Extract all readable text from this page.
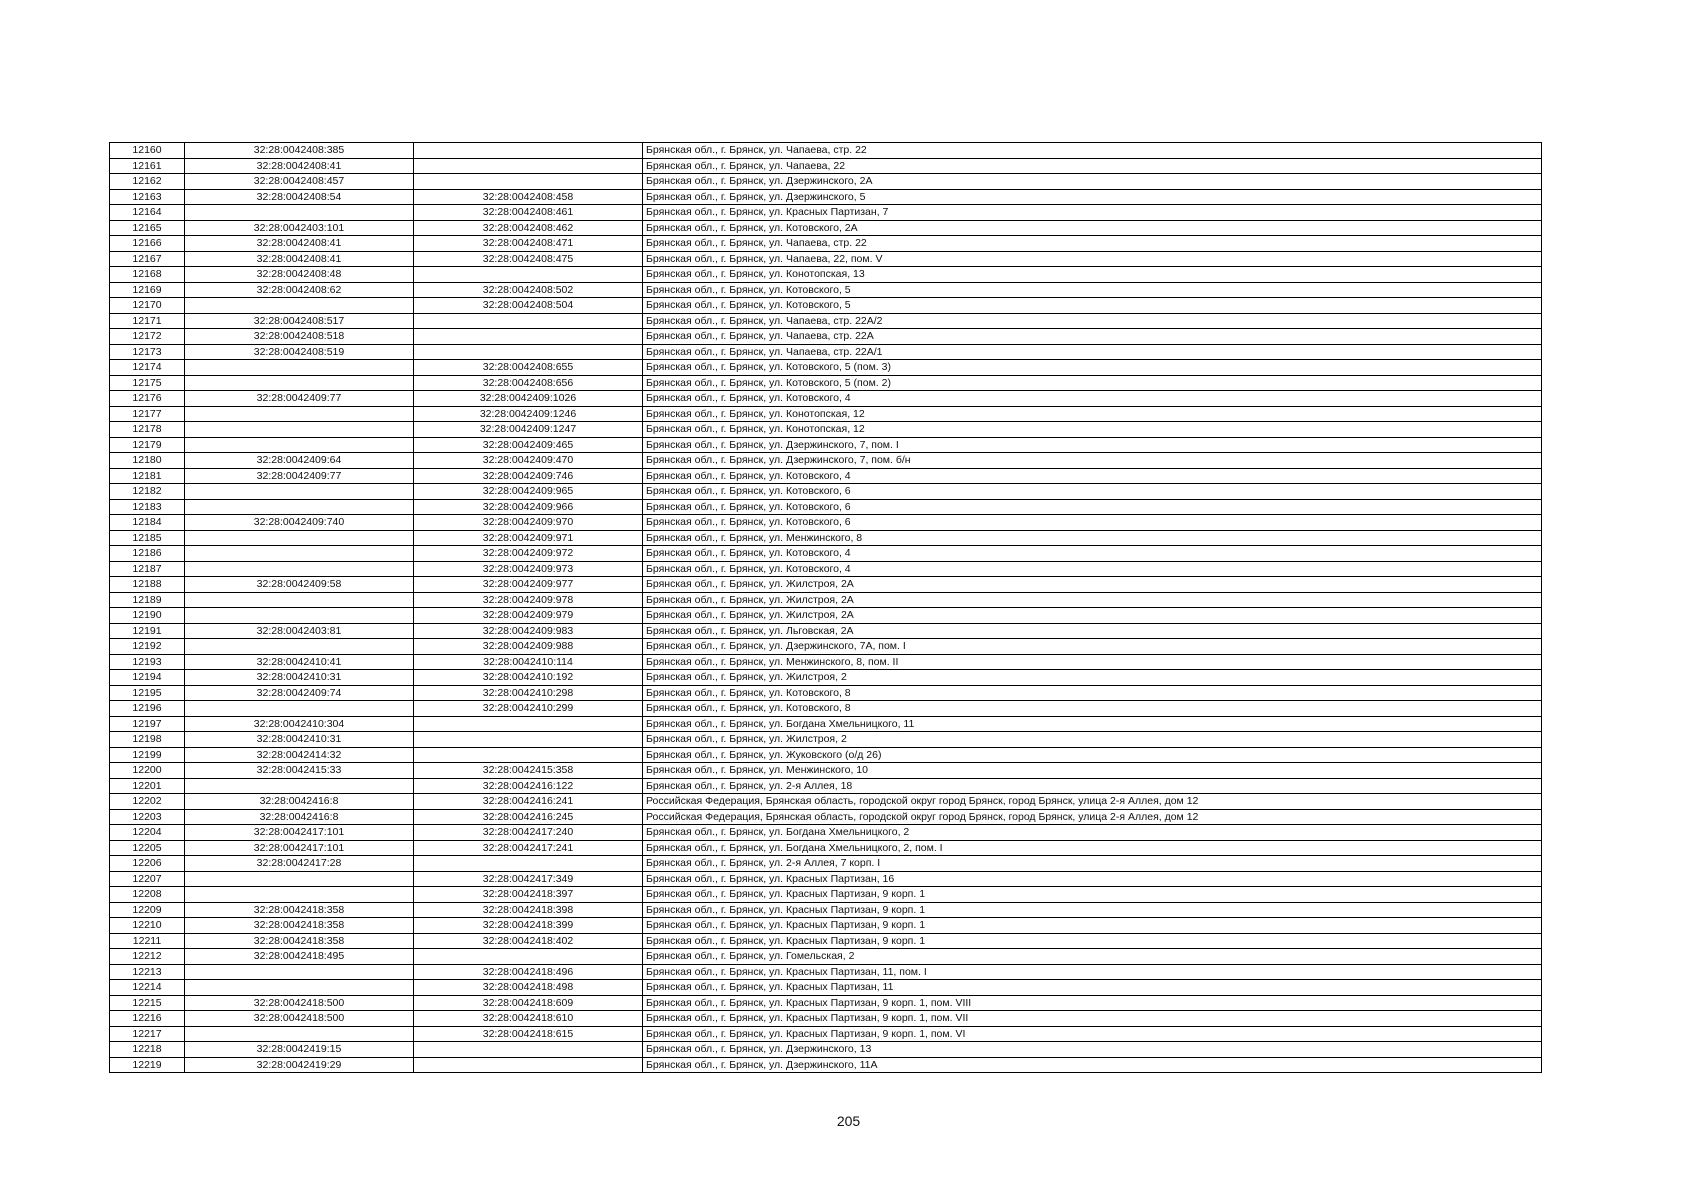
12160	32:28:0042408:385		Брянская обл., г. Брянск, ул. Чапаева, стр. 22
12161	32:28:0042408:41		Брянская обл., г. Брянск, ул. Чапаева, 22
12162	32:28:0042408:457		Брянская обл., г. Брянск, ул. Дзержинского, 2А
12163	32:28:0042408:54	32:28:0042408:458	Брянская обл., г. Брянск, ул. Дзержинского, 5
12164		32:28:0042408:461	Брянская обл., г. Брянск, ул. Красных Партизан, 7
12165	32:28:0042403:101	32:28:0042408:462	Брянская обл., г. Брянск, ул. Котовского, 2А
12166	32:28:0042408:41	32:28:0042408:471	Брянская обл., г. Брянск, ул. Чапаева, стр. 22
12167	32:28:0042408:41	32:28:0042408:475	Брянская обл., г. Брянск, ул. Чапаева, 22, пом. V
12168	32:28:0042408:48		Брянская обл., г. Брянск, ул. Конотопская, 13
12169	32:28:0042408:62	32:28:0042408:502	Брянская обл., г. Брянск, ул. Котовского, 5
12170		32:28:0042408:504	Брянская обл., г. Брянск, ул. Котовского, 5
12171	32:28:0042408:517		Брянская обл., г. Брянск, ул. Чапаева, стр. 22А/2
12172	32:28:0042408:518		Брянская обл., г. Брянск, ул. Чапаева, стр. 22А
12173	32:28:0042408:519		Брянская обл., г. Брянск, ул. Чапаева, стр. 22А/1
12174		32:28:0042408:655	Брянская обл., г. Брянск, ул. Котовского, 5 (пом. 3)
12175		32:28:0042408:656	Брянская обл., г. Брянск, ул. Котовского, 5 (пом. 2)
12176	32:28:0042409:77	32:28:0042409:1026	Брянская обл., г. Брянск, ул. Котовского, 4
12177		32:28:0042409:1246	Брянская обл., г. Брянск, ул. Конотопская, 12
12178		32:28:0042409:1247	Брянская обл., г. Брянск, ул. Конотопская, 12
12179		32:28:0042409:465	Брянская обл., г. Брянск, ул. Дзержинского, 7, пом. I
12180	32:28:0042409:64	32:28:0042409:470	Брянская обл., г. Брянск, ул. Дзержинского, 7, пом. б/н
12181	32:28:0042409:77	32:28:0042409:746	Брянская обл., г. Брянск, ул. Котовского, 4
12182		32:28:0042409:965	Брянская обл., г. Брянск, ул. Котовского, 6
12183		32:28:0042409:966	Брянская обл., г. Брянск, ул. Котовского, 6
12184	32:28:0042409:740	32:28:0042409:970	Брянская обл., г. Брянск, ул. Котовского, 6
12185		32:28:0042409:971	Брянская обл., г. Брянск, ул. Менжинского, 8
12186		32:28:0042409:972	Брянская обл., г. Брянск, ул. Котовского, 4
12187		32:28:0042409:973	Брянская обл., г. Брянск, ул. Котовского, 4
12188	32:28:0042409:58	32:28:0042409:977	Брянская обл., г. Брянск, ул. Жилстроя, 2А
12189		32:28:0042409:978	Брянская обл., г. Брянск, ул. Жилстроя, 2А
12190		32:28:0042409:979	Брянская обл., г. Брянск, ул. Жилстроя, 2А
12191	32:28:0042403:81	32:28:0042409:983	Брянская обл., г. Брянск, ул. Льговская, 2А
12192		32:28:0042409:988	Брянская обл., г. Брянск, ул. Дзержинского, 7А, пом. I
12193	32:28:0042410:41	32:28:0042410:114	Брянская обл., г. Брянск, ул. Менжинского, 8, пом. II
12194	32:28:0042410:31	32:28:0042410:192	Брянская обл., г. Брянск, ул. Жилстроя, 2
12195	32:28:0042409:74	32:28:0042410:298	Брянская обл., г. Брянск, ул. Котовского, 8
12196		32:28:0042410:299	Брянская обл., г. Брянск, ул. Котовского, 8
12197	32:28:0042410:304		Брянская обл., г. Брянск, ул. Богдана Хмельницкого, 11
12198	32:28:0042410:31		Брянская обл., г. Брянск, ул. Жилстроя, 2
12199	32:28:0042414:32		Брянская обл., г. Брянск, ул. Жуковского (о/д 26)
12200	32:28:0042415:33	32:28:0042415:358	Брянская обл., г. Брянск, ул. Менжинского, 10
12201		32:28:0042416:122	Брянская обл., г. Брянск, ул. 2-я Аллея, 18
12202	32:28:0042416:8	32:28:0042416:241	Российская Федерация, Брянская область, городской округ город Брянск, город Брянск, улица 2-я Аллея, дом 12
12203	32:28:0042416:8	32:28:0042416:245	Российская Федерация, Брянская область, городской округ город Брянск, город Брянск, улица 2-я Аллея, дом 12
12204	32:28:0042417:101	32:28:0042417:240	Брянская обл., г. Брянск, ул. Богдана Хмельницкого, 2
12205	32:28:0042417:101	32:28:0042417:241	Брянская обл., г. Брянск, ул. Богдана Хмельницкого, 2, пом. I
12206	32:28:0042417:28		Брянская обл., г. Брянск, ул. 2-я Аллея, 7 корп. I
12207		32:28:0042417:349	Брянская обл., г. Брянск, ул. Красных Партизан, 16
12208		32:28:0042418:397	Брянская обл., г. Брянск, ул. Красных Партизан, 9 корп. 1
12209	32:28:0042418:358	32:28:0042418:398	Брянская обл., г. Брянск, ул. Красных Партизан, 9 корп. 1
12210	32:28:0042418:358	32:28:0042418:399	Брянская обл., г. Брянск, ул. Красных Партизан, 9 корп. 1
12211	32:28:0042418:358	32:28:0042418:402	Брянская обл., г. Брянск, ул. Красных Партизан, 9 корп. 1
12212	32:28:0042418:495		Брянская обл., г. Брянск, ул. Гомельская, 2
12213		32:28:0042418:496	Брянская обл., г. Брянск, ул. Красных Партизан, 11, пом. I
12214		32:28:0042418:498	Брянская обл., г. Брянск, ул. Красных Партизан, 11
12215	32:28:0042418:500	32:28:0042418:609	Брянская обл., г. Брянск, ул. Красных Партизан, 9 корп. 1, пом. VIII
12216	32:28:0042418:500	32:28:0042418:610	Брянская обл., г. Брянск, ул. Красных Партизан, 9 корп. 1, пом. VII
12217		32:28:0042418:615	Брянская обл., г. Брянск, ул. Красных Партизан, 9 корп. 1, пом. VI
12218	32:28:0042419:15		Брянская обл., г. Брянск, ул. Дзержинского, 13
12219	32:28:0042419:29		Брянская обл., г. Брянск, ул. Дзержинского, 11А
205
